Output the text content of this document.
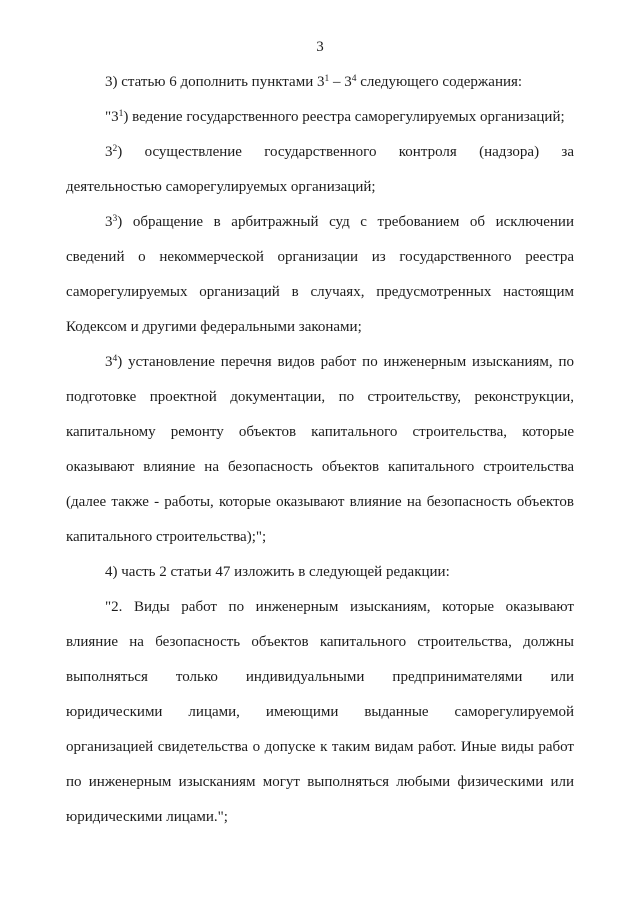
3

3) статью 6 дополнить пунктами $3^1 - 3^4$ следующего содержания:

"$3^1$) ведение государственного реестра саморегулируемых организаций;

$3^2$) осуществление государственного контроля (надзора) за деятельностью саморегулируемых организаций;

$3^3$) обращение в арбитражный суд с требованием об исключении сведений о некоммерческой организации из государственного реестра саморегулируемых организаций в случаях, предусмотренных настоящим Кодексом и другими федеральными законами;

$3^4$) установление перечня видов работ по инженерным изысканиям, по подготовке проектной документации, по строительству, реконструкции, капитальному ремонту объектов капитального строительства, которые оказывают влияние на безопасность объектов капитального строительства (далее также - работы, которые оказывают влияние на безопасность объектов капитального строительства);";

4) часть 2 статьи 47 изложить в следующей редакции:

"2. Виды работ по инженерным изысканиям, которые оказывают влияние на безопасность объектов капитального строительства, должны выполняться только индивидуальными предпринимателями или юридическими лицами, имеющими выданные саморегулируемой организацией свидетельства о допуске к таким видам работ. Иные виды работ по инженерным изысканиям могут выполняться любыми физическими или юридическими лицами.";
